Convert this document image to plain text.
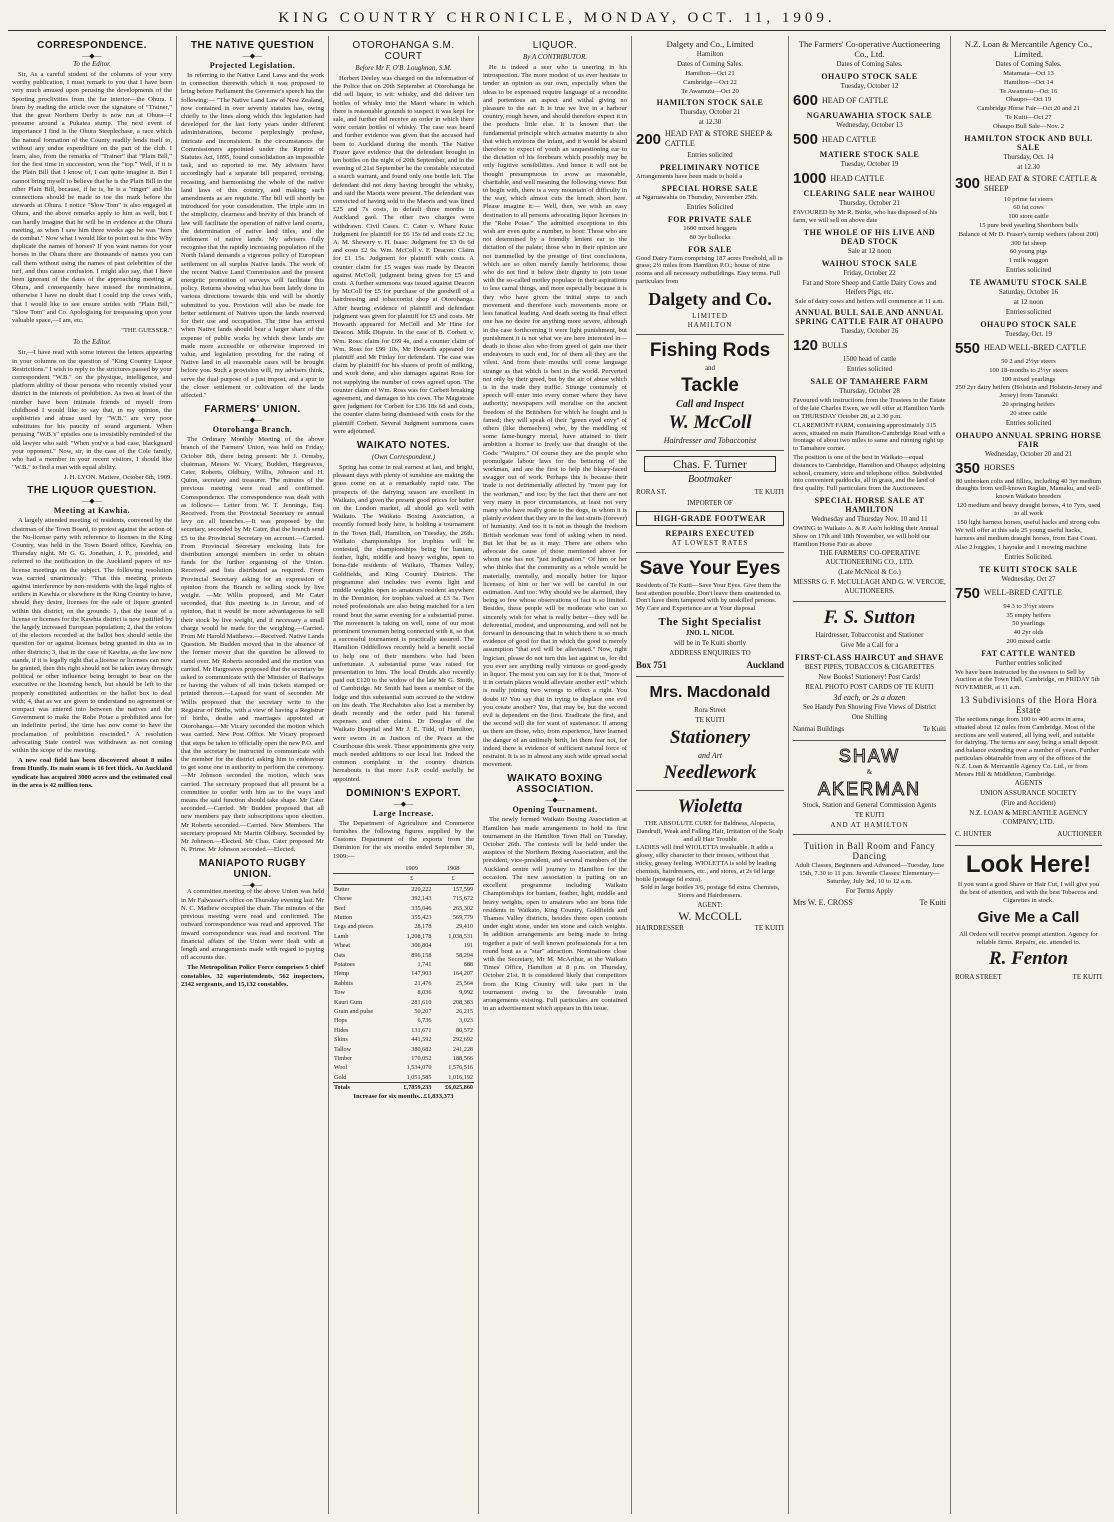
KING COUNTRY CHRONICLE, MONDAY, OCT. 11, 1909.
CORRESPONDENCE.

—◆—

To the Editor.

Sir, As a careful student of the columns of your very worthy publication, I must remark to you that I have been very much amused upon perusing the developments of the Sporting proclivities from the far interior—the Ohura. I learn by reading the article over the signature of "Trainer," that the great Northern Derby is now run at Ohura—I presume around a Pukatea stump. The next event of importance I find is the Ohura Steeplechase, a race which the natural formation of the County readily lends itself to, without any undue expenditure on the part of the club. I learn, also, from the remarks of "Trainer" that "Plain Bill," for the first time in succession, won the "top." Well, if it is the Plain Bill that I know of, I can quite imagine it. But I cannot bring myself to believe that he is the Plain Bill in the other Plain Bill, because, if he is, he is a "ringer" and his connections should be made to toe the mark before the stewards at Ohura. I notice "Slow Tom" is also engaged at Ohura, and the above remarks apply to him as well, but I can hardly imagine that he will be in evidence at the Ohura meeting, as when I saw him three weeks ago he was "hors de combat." Now what I would like to point out is this: Why duplicate the names of horses? If you want names for your horses in the Ohura there are thousands of names you can call them without using the names of past celebrities of the turf, and thus cause confusion. I might also say, that I have been ignorant of the dates of the approaching meeting at Ohura, and consequently have missed the nominations, otherwise I have no doubt that I could trip the cows with, that I would like to see ensure strides with "Plain Bill," "Slow Tom" and Co. Apologising for trespassing upon your valuable space,—I am, etc.

"THE GUESSER."

To the Editor.

Sir,—I have read with some interest the letters appearing in your columns on the question of "King Country Liquor Restrictions." I wish to reply to the strictures passed by your correspondent "W.B." on the physique, intelligence, and platform ability of those persons who recently visited your district in the interests of prohibition. As two at least of the number have been intimate friends of myself from childhood I would like to say that, in my opinion, the sophistries and abuse used by "W.B." are very poor substitutes for his paucity of sound argument. When perusing "W.B.'s" epistles one is irresistibly reminded of the old lawyer who said: "When you've a bad case, blackguard your opponent." Now, sir, in the case of the Cole family, who had a member in your recent visitors, I should like "W.B." to find a man with equal ability.

J. H. LYON. Matiere, October 6th, 1909.

THE LIQUOR QUESTION.

—◆—

Meeting at Kawhia.

A largely attended meeting of residents, convened by the chairman of the Town Board, to protest against the action of the No-license party with reference to licenses in the King Country, was held in the Town Board office, Kawhia, on Thursday night. Mr G. G. Jonathan, J. P., presided, and referred to the notification in the Auckland papers of no-license meetings on the subject. The following resolution was carried unanimously: "That this meeting protests against interference by non-residents with the legal rights of settlers in Kawhia or elsewhere in the King Country to have, should they desire, licenses for the sale of liquor granted within this district, on the grounds: 1, that the issue of a license or licenses for the Kawhia district is now justified by the largely increased European population; 2, that the voices of the electors recorded at the ballot box should settle the question for or against licenses being granted in this as in other districts; 3, that in the case of Kawhia, as the law now stands, if it is legally right that a license or licenses can now be granted, then this right should not be taken away through political or other influence being brought to bear on the executive or the licensing bench, but should be left to the properly constituted authorities or the ballot box to deal with; 4, that as we are given to understand no agreement or compact was entered into between the natives and the Government to make the Rohe Potae a prohibited area for an indefinite period, the time has now come to have the proclamation of prohibition rescinded." A resolution advocating State control was withdrawn as not coming within the scope of the meeting.

A new coal field has been discovered about 8 miles from Huntly. Its main seam is 16 feet thick. An Auckland syndicate has acquired 3000 acres and the estimated coal in the area is 42 million tons.

THE NATIVE QUESTION

—◆—

Projected Legislation.

In referring to the Native Land Laws and the work in connection therewith which it was proposed to bring before Parliament the Governor's speech has the following:— "The Native Land Law of New Zealand, now contained in over seventy statutes has, owing chiefly to the lines along which this legislation had developed for the last forty years under different administrations, become perplexingly profuse, intricate and inconsistent. In the circumstances the Commissioners appointed under the Reprint of Statutes Act, 1895, found consolidation an impossible task, and so reported to me. My advisers have accordingly had a separate bill prepared, revising, recasting, and harmonising the whole of the native land laws of this country, and making such amendments as are requisite. The bill will shortly be introduced for your consideration. The triple aim in the simplicity, clearness and brevity of this branch of law will facilitate the operation of native land courts, the determination of native land titles, and the settlement of native lands. My advisers fully recognise that the rapidly increasing population of the North Island demands a vigorous policy of European settlement on all surplus Native lands. The work of the recent Native Land Commission and the present energetic promotion of surveys will facilitate this policy. Returns showing what has been lately done in various directions towards this end will be shortly submitted to you. Provision will also be made for better settlement of Natives upon the lands reserved for their use and occupation. The time has arrived when Native lands should bear a larger share of the expense of public works by which these lands are made more accessible or otherwise improved in value, and legislation providing for the rating of Native land in all reasonable cases will be brought before you. Such a provision will, my advisers think, serve the dual purpose of a just impost, and a spur to the closer settlement or cultivation of the lands affected."

FARMERS' UNION.

—◆—

Otorohanga Branch.

The Ordinary Monthly Meeting of the above branch of the Farmers' Union, was held on Friday, October 8th, there being present: Mr J. Ormsby, chairman, Messrs W. Vicary, Budden, Hargreaves, Cater, Roberts, Oldbury, Willis, Johnson and H. Quinn, secretary and treasurer. The minutes of the previous meeting were read and confirmed. Correspondence. The correspondence was dealt with as follows:— Letter from W. T. Jennings, Esq. Received. From the Provincial Secretary re annual levy on all branches.—It was proposed by the secretary, seconded by Mr Cater, that the branch send £5 to the Provincial Secretary on account.—Carried. From Provincial Secretary enclosing lists for distribution amongst members in order to obtain funds for the further organising of the Union. Received and lists distributed as required. From Provincial Secretary asking for an expression of opinion from the Branch re selling stock by live weight. —Mr Willis proposed, and Mr Cater seconded, that this meeting is in favour, and of opinion, that it would be more advantageous to sell their stock by live weight, and if necessary a small charge would be made for the weighing.—Carried. From Mr Harold Matthews.—Received. Native Lands Question. Mr Budden moved that in the absence of the former mover that the question be allowed to stand over. Mr Roberts seconded and the motion was carried. Mr Hargreaves proposed that the secretary be asked to communicate with the Minister of Railways re having the values of all train tickets stamped or printed thereon.—Lapsed for want of seconder. Mr Willis proposed that the secretary write to the Registrar of Births, with a view of having a Registrar of births, deaths and marriages appointed at Otorohanga.—Mr Vicary seconded the motion which was carried. New Post Office. Mr Vicary proposed that steps be taken to officially open the new P.O. and that the secretary be instructed to communicate with the member for the district asking him to endeavour to get some one in authority to perform the ceremony.—Mr Johnson seconded the motion, which was carried. The secretary proposed that all present be a committee to confer with him as to the ways and means the said function should take shape. Mr Cater seconded.—Carried. Mr Budden proposed that all new members pay their subscriptions upon election. Mr Roberts seconded.—Carried. New Members. The secretary proposed Mr Martin Oldbury. Seconded by Mr Johnson.—Elected. Mr Chas. Cater proposed Mr N. Prime. Mr Johnson seconded.—Elected.

MANIAPOTO RUGBY UNION.

—◆—

A committee meeting of the above Union was held in Mr Falwasser's office on Thursday evening last. Mr N. C. Mathew occupied the chair. The minutes of the previous meeting were read and confirmed. The outward correspondence was read and approved. The inward correspondence was read and received. The financial affairs of the Union were dealt with at length and arrangements made with regard to paying off accounts due.

The Metropolitan Police Force comprises 5 chief constables, 32 superintendents, 562 inspectors, 2342 sergeants, and 15,132 constables.

OTOROHANGA S.M. COURT

Before Mr F. O'B. Loughnan, S.M.

Herbert Deeley was charged on the information of the Police that on 20th September at Otorohanga he did sell liquor, to wit: whisky, and did deliver ten bottles of whisky into the Maori whare in which there is reasonable grounds to suspect it was kept for sale, and further did receive an order in which there were certain bottles of whisky. The case was heard and further evidence was given that the accused had been to Auckland during the month. The Native Frazer gave evidence that the defendant brought in ten bottles on the night of 20th September, and in the evening of 21st September he the constable executed a search warrant, and found only one bottle left. The defendant did not deny having brought the whisky, and said the Maoris were present. The defendant was convicted of having sold to the Maoris and was fined £25 and 7s costs, in default three months in Auckland gaol. The other two charges were withdrawn. Civil Cases. C. Cater v. Whare Kuia: Judgment for plaintiff for £6 15s 6d and costs £2 3s; A. M. Shewery v. H. Isaac: Judgment for £3 0s 6d and costs £2 9s. Wm. McColl v. F. Deacon: Claim for £1 15s. Judgment for plaintiff with costs. A counter claim for £5 wages was made by Deacon against McColl, judgment being given for £5 and costs. A further summons was issued against Deacon by McColl for £5 for purchase of the goodwill of a hairdressing and tobacconist shop at Otorohanga. After hearing evidence of plaintiff and defendant judgment was given for plaintiff for £5 and costs. Mr Howarth appeared for McColl and Mr Hine for Deacon. Milk Dispute. In the case of B. Corbett v. Wm. Ross: claim for £69 4s, and a counter claim of Wm. Ross for £99 10s, Mr Howarth appeared for plaintiff and Mr Finlay for defendant. The case was claim by plaintiff for his shares of profit of milking, and work done, and also damages against Ross for not supplying the number of cows agreed upon. The counter claim of Wm. Ross was for Corbett breaking agreement, and damages to his cows. The Magistrate gave judgment for Corbett for £36 18s 6d and costs, the counter claim being dismissed with costs for the plaintiff Corbett. Several Judgment summons cases were adjourned.

WAIKATO NOTES.

(Own Correspondent.)

Spring has come in real earnest at last, and bright, pleasant days with plenty of sunshine are making the grass come on at a remarkably rapid rate. The prospects of the dairying season are excellent in Waikato, and given the present good prices for butter on the London market, all should go well with Waikato. The Waikato Boxing Association, a recently formed body here, is holding a tournament in the Town Hall, Hamilton, on Tuesday, the 26th. Waikato championships for trophies will be contested, the championships being for bantam, feather, light, middle and heavy weights, open to bona-fide residents of Waikato, Thames Valley, Goldfields, and King Country Districts. The programme also includes two events light and middle weights open to amateurs resident anywhere in the Dominion, for trophies valued at £3 3s. Two noted professionals are also being matched for a ten round bout the same evening for a substantial purse. The movement is taking on well, none of our most prominent townsmen being connected with it, so that a successful tournament is practically assured. The Hamilton Oddfellows recently held a benefit social to help one of their members who had been unfortunate. A substantial purse was raised for presentation to him. The local Druids also recently paid out £120 to the widow of the late Mr G. Smith, of Cambridge. Mr Smith had been a member of the lodge and this substantial sum accrued to the widow on his death. The Rechabites also lost a member by death recently and the order paid his funeral expenses and other claims. Dr Douglas of the Waikato Hospital and Mr J. E. Tidd, of Hamilton, were sworn in as Justices of the Peace at the Courthouse this week. These appointments give very much needed additions to our local list. Indeed the common complaint in the country districts hereabouts is that more J.s.P. could usefully be appointed.

DOMINION'S EXPORT.

—◆—

Large Increase.

The Department of Agriculture and Commerce furnishes the following figures supplied by the Customs Department of the exports from the Dominion for the six months ended September 30, 1909:—

	1909	1908
	£	£
Butter	220,222	157,599
Cheese	392,143	715,672
Beef	335,046	265,302
Mutton	355,423	569,779
Legs and pieces	28,178	29,410
Lamb	1,208,178	1,038,531
Wheat	306,804	191
Oats	896,158	58,294
Potatoes	1,741	888
Hemp	147,903	164,207
Rabbits	21,476	25,564
Tow	8,036	9,992
Kauri Gum	281,610	208,383
Grain and pulse	50,207	26,215
Hops	6,736	3,023
Hides	131,671	80,572
Skins	441,592	292,692
Tallow	380,682	241,228
Timber	170,052	188,566
Wool	1,534,070	1,576,516
Gold	1,051,585	1,016,192
Totals	£,7859,233	£6,025,860

Increase for six months...£1,833,373

LIQUOR.

By A CONTRIBUTOR.

He is indeed a seer who is unerring in his introspection. The more modest of us ever hesitate to tender an opinion as our own, especially when the ideas to be expressed require language of a recondite and portentous an aspect and withal giving no pleasure to the ear. It is true we live in a harbour country, rough hewn, and should therefore expect it in the products little else. It is known that the fundamental principle which actuates maturity is also that which environs the infant, and it would be absurd therefore to expect of youth an unquestioning ear to the dictation of his forebears which possibly may be only fugitive sensibilities. And hence it will not be thought presumptuous to avow as reasonable, charitable, and well meaning the following views: But to begin with, there is a very mountain of difficulty in the way, which almost cuts the breath short here. Please imagine it:— Well, then, we wish an easy destination to all persons advocating liquor licenses in the "Rohe Potae." The admitted exceptions to this wish are even quite a number, to boot: Those who are not determined by a friendly lenient ear to the dictation of the palate; those who in their opinion are not trammelled by the prestige of first conclusions, which are so often merely family heirlooms; those who do not find it below their dignity to join issue with the so-called motley populace in their aspirations to less carnal things, and more especially because it is they who have given the initial steps to such movement and therefore such movements more or less fanatical leading. And death seeing its final effect one has no desire for anything more severe, although in the case forthcoming it were light punishment, but punishment it is not what we are here interested in—death to those also who from greed of gain use their endeavours to such end, for of them all they are the vilest. And from their mouths will come language strange as that which is best in the world. Perverted not only by their greed, but by the air of abuse which is in the trade they traffic. Strange contumely of speech will enter into every corner where they have authority; newspapers will moralise on the ancient freedom of the Britishers for which he fought and is famed; they will speak of their "green eyed envy" of others (like themselves) who, by the meddling of some fame-hungry mortal, have attained to their ambition a license to freely use that draught of the Gods: "Waipiro." Of course they are the people who promulgate labour laws for the bettering of the workman, and are the first to help the bleary-faced swagger out of work. Perhaps this is because their trade is not detrimentally affected by "more pay for the workman," and too; by the fact that there are not very many in poor circumstances, at least not very many who have really gone to the dogs, in whom it is plainly evident that they are in the last straits (forever) of humanity. And too it is not as though the freeborn British workman was fond of asking when in need. But let that be as it may: There are others who advocate the cause of those mentioned above for whom one has not "just indignation." Of him or her who thinks that the community as a whole would be materially, mentally, and morally better for liquor licenses; of him or her we will be careful in our estimation. And too: Why should we be alarmed, they being so few whose observations of fact is so limited. Besides, these people will be moderate who can so sincerely wish for what is really better—they will be deferential, modest, and unpresuming, and will not be forward in denouncing that in which there is so much evidence of good for that in which the good is merely assumption "that evil will be alleviated." Now, right logician, please do not turn this last against us, for did you ever see anything really virtuous or good-goody in liquor. The most you can say for it is that, "more of it in certain places would alleviate another evil" which is really joining two wrongs to effect a right. You doubt it? You say that in trying to displace one evil you create another? Yes, that may be, but the second evil is dependent on the first. Eradicate the first, and the second will die for want of sustenance. If among us there are those, who, from experience, have learned the danger of an untimely birth, let them fear not, for indeed there is evidence of sufficient natural force of restraint. It is so in almost any such wide spread social movement.

WAIKATO BOXING ASSOCIATION.

—◆—

Opening Tournament.

The newly formed Waikato Boxing Association at Hamilton has made arrangements to hold its first tournament in the Hamilton Town Hall on Tuesday, October 26th. The contests will be held under the auspices of the Northern Boxing Association, and the president, vice-president, and several members of the Auckland centre will journey to Hamilton for the occasion. The new association is putting on an excellent programme including Waikato Championships for bantam, feather, light, middle and heavy weights, open to amateurs who are bona fide residents in Waikato, King Country, Goldfields and Thames Valley districts, besides three open contests under eight stone, under ten stone and catch weights. In addition arrangements are being made to bring together a pair of well known professionals for a ten round bout as a "star" attraction. Nominations close with the Secretary, Mr M. McArthur, at the Waikato Times' Office, Hamilton at 8 p.m. on Thursday, October 21st. It is considered likely that competitors from the King Country will take part in the tournament owing to the favourable train arrangements existing. Full particulars are contained in an advertisement which appears in this issue.

Dalgety and Co., Limited

Hamilton

Dates of Coming Sales.

Hamilton—Oct 21

Cambridge—Oct 22

Te Awamutu—Oct 20

HAMILTON STOCK SALE

Thursday, October 21

at 12.30

200 HEAD FAT & STORE SHEEP & CATTLE

Entries solicited

PRELIMINARY NOTICE

Arrangements have been made to hold a

SPECIAL HORSE SALE

at Ngaruawahia on Thursday, November 25th.

Entries Solicited

FOR PRIVATE SALE

1600 mixed hoggets

80 3yr bullocks

FOR SALE

Good Dairy Farm comprising 187 acres Freehold, all in grass; 2½ miles from Hamilton P.O.; house of nine rooms and all necessary outbuildings. Easy terms. Full particulars from

Dalgety and Co.

LIMITED

HAMILTON

Fishing Rods

and

Tackle

Call and Inspect

W. McColl

Hairdresser and Tobacconist

Chas. F. Turner

Bootmaker

RORA ST.	TE KUITI

IMPORTER OF

HIGH-GRADE FOOTWEAR

REPAIRS EXECUTED

AT LOWEST RATES

Save Your Eyes

Residents of Te Kuiti—Save Your Eyes. Give them the best attention possible. Don't leave them unattended to. Don't have them tampered with by unskilled persons. My Care and Experience are at Your disposal

The Sight Specialist

JNO. L. NICOL

will be in Te Kuiti shortly

ADDRESS ENQUIRIES TO

Box 751	Auckland

Mrs. Macdonald

Rora Street

TE KUITI

Stationery

and Art

Needlework

Wioletta

THE ABSOLUTE CURE for Baldness, Alopecia, Dandruff, Weak and Falling Hair, Irritation of the Scalp and all Hair Trouble

LADIES will find WIOLETTA invaluable. It adds a glossy, silky character to their tresses, without that sticky, greasy feeling. WIOLETTA is sold by leading chemists, hairdressers, etc., and stores, at 2s 6d large bottle (postage 6d extra).

Sold in large bottles 3/6, postage 6d extra. Chemists, Stores and Hairdressers.

AGENT:

W. McCOLL

HAIRDRESSER	TE KUITI

The Farmers' Co-operative Auctioneering Co., Ltd.

Dates of Coming Sales.

OHAUPO STOCK SALE

Tuesday, October 12

600 HEAD OF CATTLE

NGARUAWAHIA STOCK SALE

Wednesday, October 13

500 HEAD CATTLE

MATIERE STOCK SALE

Tuesday, October 19

1000 HEAD CATTLE

CLEARING SALE near WAIHOU

Thursday, October 21

FAVOURED by Mr R. Burke, who has disposed of his farm, we will sell on above date

THE WHOLE OF HIS LIVE AND DEAD STOCK

Sale at 12 noon

WAIHOU STOCK SALE

Friday, October 22

Fat and Store Sheep and Cattle Dairy Cows and Heifers Pigs, etc.

Sale of dairy cows and heifers will commence at 11 a.m.

ANNUAL BULL SALE AND ANNUAL SPRING CATTLE FAIR AT OHAUPO

Tuesday, October 26

120 BULLS

1500 head of cattle

Entries solicited

SALE OF TAMAHERE FARM

Thursday, October 28

Favoured with instructions from the Trustees in the Estate of the late Charles Ewen, we will offer at Hamilton Yards on THURSDAY October 28, at 2.30 p.m.

CLAREMONT FARM, containing approximately 315 acres, situated on main Hamilton-Cambridge Road with a frontage of about two miles to same and running right up to Tamahere corner.

The position is one of the best in Waikato—equal distances to Cambridge, Hamilton and Ohaupo; adjoining school, creamery, store and telephone office. Subdivided into convenient paddocks, all in grass, and the land of first quality. Full particulars from the Auctioneers.

SPECIAL HORSE SALE AT HAMILTON

Wednesday and Thursday Nov. 10 and 11

OWING to Waikato A. & P. Ass'n holding their Annual Show on 17th and 18th November, we will hold our Hamilton Horse Fair as above

THE FARMERS' CO-OPERATIVE AUCTIONEERING CO., LTD.

(Late McNicol & Co.)

MESSRS G. F. McCULLAGH AND G. W. VERCOE, AUCTIONEERS.

F. S. Sutton

Hairdresser, Tobacconist and Stationer

Give Me a Call for a

FIRST-CLASS HAIRCUT and SHAVE

BEST PIPES, TOBACCOS & CIGARETTES

New Books! Stationery! Post Cards!

REAL PHOTO POST CARDS OF TE KUITI

3d each, or 2s a dozen

See Handy Pen Showing Five Views of District

One Shilling

Nanmai Buildings	Te Kuiti

SHAW

&

AKERMAN

Stock, Station and General Commission Agents

TE KUITI

AND AT HAMILTON

Tuition in Ball Room and Fancy Dancing

Adult Classes, Beginners and Advanced—Tuesday, June 15th, 7.30 to 11 p.m. Juvenile Classes: Elementary—Saturday, July 3rd, 10 to 12 a.m.

For Terms Apply

Mrs W. E. CROSS	Te Kuiti

N.Z. Loan & Mercantile Agency Co., Limited.

Dates of Coming Sales.

Matamata—Oct 13

Hamilton—Oct 14

Te Awamutu—Oct 16

Ohaupo—Oct 19

Cambridge Horse Fair—Oct 20 and 21

Te Kuiti—Oct 27

Ohaupo Bull Sale—Nov. 2

HAMILTON STOCK AND BULL SALE

Thursday, Oct. 14

at 12.30

300 HEAD FAT & STORE CATTLE & SHEEP

10 prime fat steers

60 fat cows

100 store cattle

15 pure bred yearling Shorthorn bulls

Balance of Mr D. Fraser's turnip wethers (about 200)

300 fat sheep

60 young pigs

1 milk waggon

Entries solicited

TE AWAMUTU STOCK SALE

Saturday, October 16

at 12 noon

Entries solicited

OHAUPO STOCK SALE

Tuesday, Oct. 19

550 HEAD WELL-BRED CATTLE

50 2 and 2½yr steers

100 18-months to 2½yr steers

100 mixed yearlings

250 2yr dairy heifers (Holstein and Holstein-Jersey and Jersey) from Taranaki

20 springing heifers

20 store cattle

Entries solicited

OHAUPO ANNUAL SPRING HORSE FAIR

Wednesday, October 20 and 21

350 HORSES

80 unbroken colts and fillies, including 40 3yr medium draughts from well-known Raglan, Mamaku, and well-known Waikato breeders

120 medium and heavy draught horses, 4 to 7yrs, used to all work

150 light harness horses, useful hacks and strong cobs

We will offer at this sale 25 young useful hacks, harness and medium draught horses, from East Coast.

Also 2 buggies, 1 hayrake and 1 mowing machine

Entries Solicited.

TE KUITI STOCK SALE

Wednesday, Oct 27

750 WELL-BRED CATTLE

94 3 to 3½yr steers

35 empty heifers

50 yearlings

40 2yr olds

200 mixed cattle

FAT CATTLE WANTED

Further entries solicited

We have been instructed by the owners to Sell by Auction at the Town Hall, Cambridge, on FRIDAY 5th NOVEMBER, at 11 a.m.

13 Subdivisions of the Hora Hora Estate

The sections range from 100 to 400 acres in area, situated about 12 miles from Cambridge. Most of the sections are well watered, all lying well, and suitable for dairying. The terms are easy, being a small deposit and balance extending over a number of years. Further particulars obtainable from any of the offices of the N.Z. Loan & Mercantile Agency Co. Ltd., or from Messrs Hill & Middleton, Cambridge.

AGENTS

UNION ASSURANCE SOCIETY

(Fire and Accident)

N.Z. LOAN & MERCANTILE AGENCY COMPANY, LTD.

C. HUNTER	AUCTIONEER

Look Here!

If you want a good Shave or Hair Cut, I will give you the best of attention, and with the best Tobaccos and Cigarettes in stock.

Give Me a Call

All Orders will receive prompt attention. Agency for reliable firms. Repairs, etc. attended to.

R. Fenton

RORA STREET	TE KUITI
